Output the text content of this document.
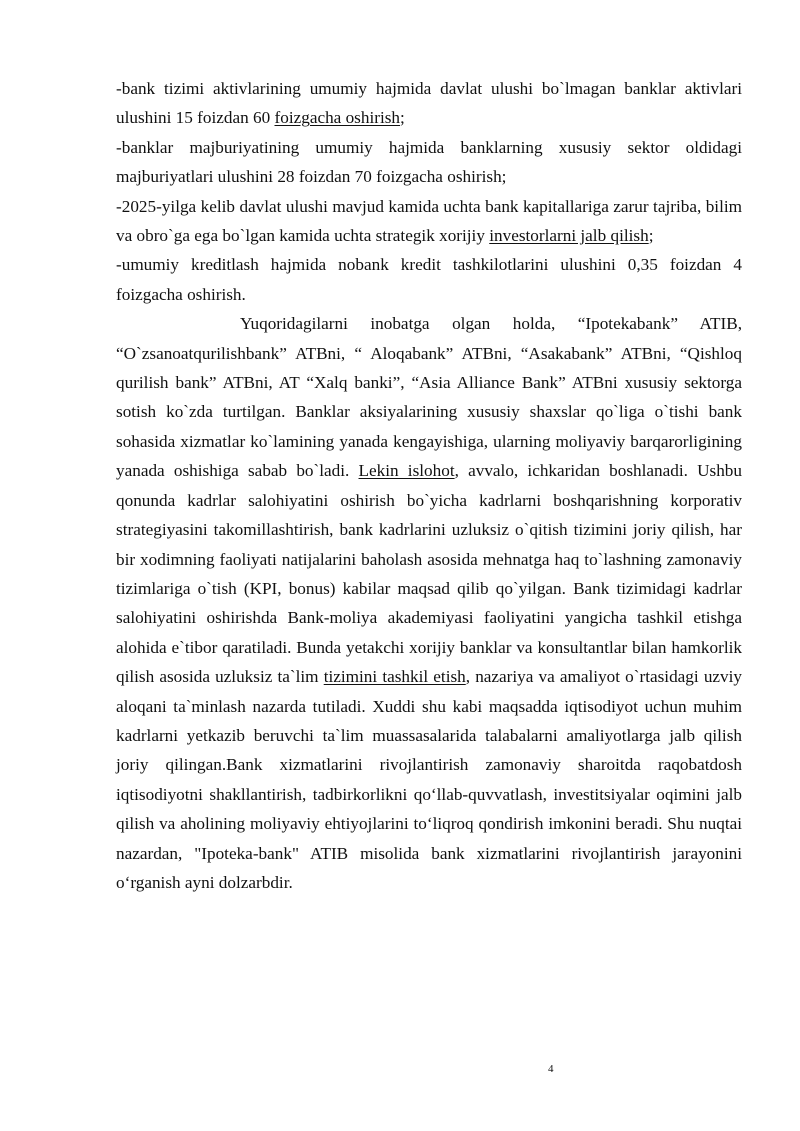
-bank tizimi aktivlarining umumiy hajmida davlat ulushi bo`lmagan banklar aktivlari ulushini 15 foizdan 60 foizgacha oshirish;

-banklar majburiyatining umumiy hajmida banklarning xususiy sektor oldidagi majburiyatlari ulushini 28 foizdan 70 foizgacha oshirish;

-2025-yilga kelib davlat ulushi mavjud kamida uchta bank kapitallariga zarur tajriba, bilim va obro`ga ega bo`lgan kamida uchta strategik xorijiy investorlarni jalb qilish;

-umumiy kreditlash hajmida nobank kredit tashkilotlarini ulushini 0,35 foizdan 4 foizgacha oshirish.

Yuqoridagilarni inobatga olgan holda, “Ipotekabank” ATIB, “O`zsanoatqurilishbank” ATBni, “ Aloqabank” ATBni, “Asakabank” ATBni, “Qishloq qurilish bank” ATBni, AT “Xalq banki”, “Asia Alliance Bank” ATBni xususiy sektorga sotish ko`zda turtilgan. Banklar aksiyalarining xususiy shaxslar qo`liga o`tishi bank sohasida xizmatlar ko`lamining yanada kengayishiga, ularning moliyaviy barqarorligining yanada oshishiga sabab bo`ladi. Lekin islohot, avvalo, ichkaridan boshlanadi. Ushbu qonunda kadrlar salohiyatini oshirish bo`yicha kadrlarni boshqarishning korporativ strategiyasini takomillashtirish, bank kadrlarini uzluksiz o`qitish tizimini joriy qilish, har bir xodimning faoliyati natijalarini baholash asosida mehnatga haq to`lashning zamonaviy tizimlariga o`tish (KPI, bonus) kabilar maqsad qilib qo`yilgan. Bank tizimidagi kadrlar salohiyatini oshirishda Bank-moliya akademiyasi faoliyatini yangicha tashkil etishga alohida e`tibor qaratiladi. Bunda yetakchi xorijiy banklar va konsultantlar bilan hamkorlik qilish asosida uzluksiz ta`lim tizimini tashkil etish, nazariya va amaliyot o`rtasidagi uzviy aloqani ta`minlash nazarda tutiladi. Xuddi shu kabi maqsadda iqtisodiyot uchun muhim kadrlarni yetkazib beruvchi ta`lim muassasalarida talabalarni amaliyotlarga jalb qilish joriy qilingan.Bank xizmatlarini rivojlantirish zamonaviy sharoitda raqobatdosh iqtisodiyotni shakllantirish, tadbirkorlikni qo‘llab-quvvatlash, investitsiyalar oqimini jalb qilish va aholining moliyaviy ehtiyojlarini to‘liqroq qondirish imkonini beradi. Shu nuqtai nazardan, "Ipoteka-bank" ATIB misolida bank xizmatlarini rivojlantirish jarayonini o‘rganish ayni dolzarbdir.

4
